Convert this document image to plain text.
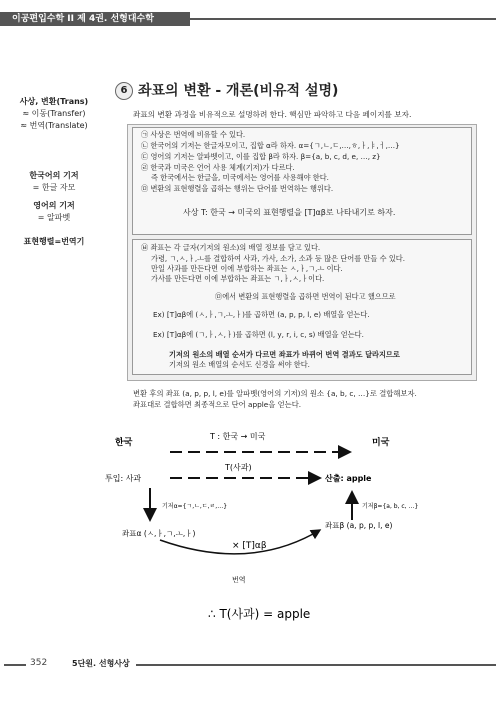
이공편입수학 II 제 4권. 선형대수학
사상, 변환(Trans)
≈ 이동(Transfer)
≈ 번역(Translate)
한국어의 기저
= 한글 자모
영어의 기저
= 알파벳
표현행렬=번역기
6 좌표의 변환 - 개론(비유적 설명)
좌표의 변환 과정을 비유적으로 설명하려 한다. 핵심만 파악하고 다음 페이지를 보자.
㉠ 사상은 번역에 비유할 수 있다.
㉡ 한국어의 기저는 한글자모이고, 집합 α라 하자. α={ㄱ,ㄴ,ㄷ,…,ㅎ,ㅏ,ㅑ,ㅓ,…}
㉢ 영어의 기저는 알파벳이고, 이를 집합 β라 하자. β={a, b, c, d, e, …, z}
㉣ 한국과 미국은 언어 사용 체계(기저)가 다르다.
즉 한국에서는 한글을, 미국에서는 영어를 사용해야 한다.
㉤ 변환의 표현행렬을 곱하는 행위는 단어를 번역하는 행위다.
사상 T: 한국 → 미국의 표현행렬을 [T]αβ로 나타내기로 하자.
㉥ 좌표는 각 글자(기저의 원소)의 배열 정보를 담고 있다.
가령, ㄱ,ㅅ,ㅏ,ㅗ를 결합하여 사과, 가사, 소가, 소과 등 많은 단어를 만들 수 있다.
만일 사과를 만든다면 이에 부합하는 좌표는 ㅅ,ㅏ,ㄱ,ㅗ 이다.
가사를 만든다면 이에 부합하는 좌표는 ㄱ,ㅏ,ㅅ,ㅏ이다.
㉤에서 변환의 표현행렬을 곱하면 번역이 된다고 했으므로
Ex) [T]αβ에 (ㅅ,ㅏ,ㄱ,ㅗ,ㅏ)를 곱하면 (a, p, p, l, e) 배열을 얻는다.
Ex) [T]αβ에 (ㄱ,ㅏ,ㅅ,ㅏ)를 곱하면 (l, y, r, i, c, s) 배열을 얻는다.
기저의 원소의 배열 순서가 다르면 좌표가 바뀌어 번역 결과도 달라지므로
기저의 원소 배열의 순서도 신경을 써야 한다.
변환 후의 좌표 (a, p, p, l, e)를 알파벳(영어의 기저)의 원소 {a, b, c, …}로 결합해보자.
좌표대로 결합하면 최종적으로 단어 apple을 얻는다.
한국	미국
T : 한국 → 미국
T(사과)
투입: 사과	산출: apple
기저α={ㄱ,ㄴ,ㄷ,ㄹ,…}	기저β={a, b, c, …}
좌표α (ㅅ,ㅏ,ㄱ,ㅗ,ㅏ)
좌표β (a, p, p, l, e)
× [T]αβ
번역
∴ T(사과) = apple
352	5단원. 선형사상
